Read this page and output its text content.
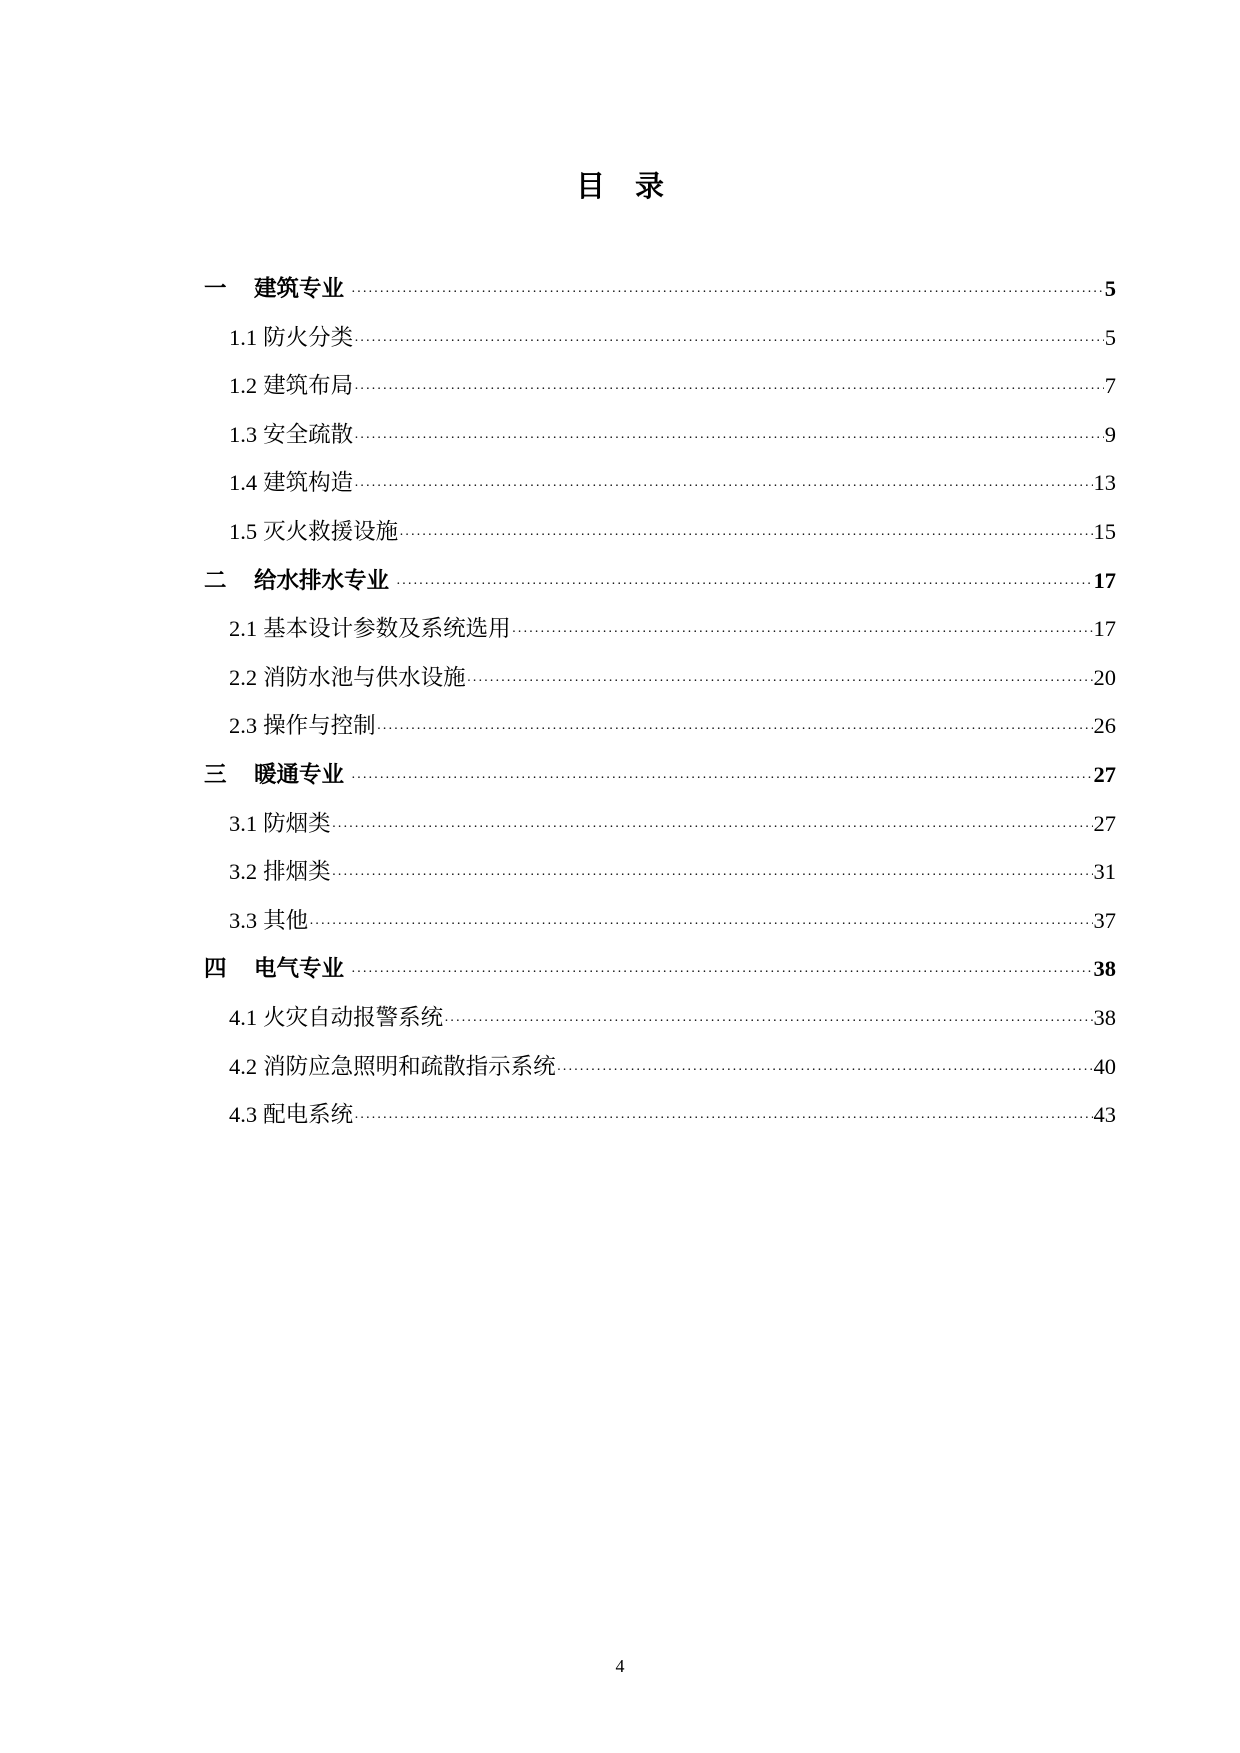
目 录
一	建筑专业 ·····	5
1.1 防火分类 ·····	5
1.2 建筑布局 ·····	7
1.3 安全疏散 ·····	9
1.4 建筑构造 ·····	13
1.5 灭火救援设施 ·····	15
二	给水排水专业 ·····	17
2.1 基本设计参数及系统选用 ·····	17
2.2 消防水池与供水设施 ·····	20
2.3 操作与控制 ·····	26
三	暖通专业 ·····	27
3.1 防烟类 ·····	27
3.2 排烟类 ·····	31
3.3 其他 ·····	37
四	电气专业 ·····	38
4.1 火灾自动报警系统 ·····	38
4.2 消防应急照明和疏散指示系统 ·····	40
4.3 配电系统 ·····	43
4
